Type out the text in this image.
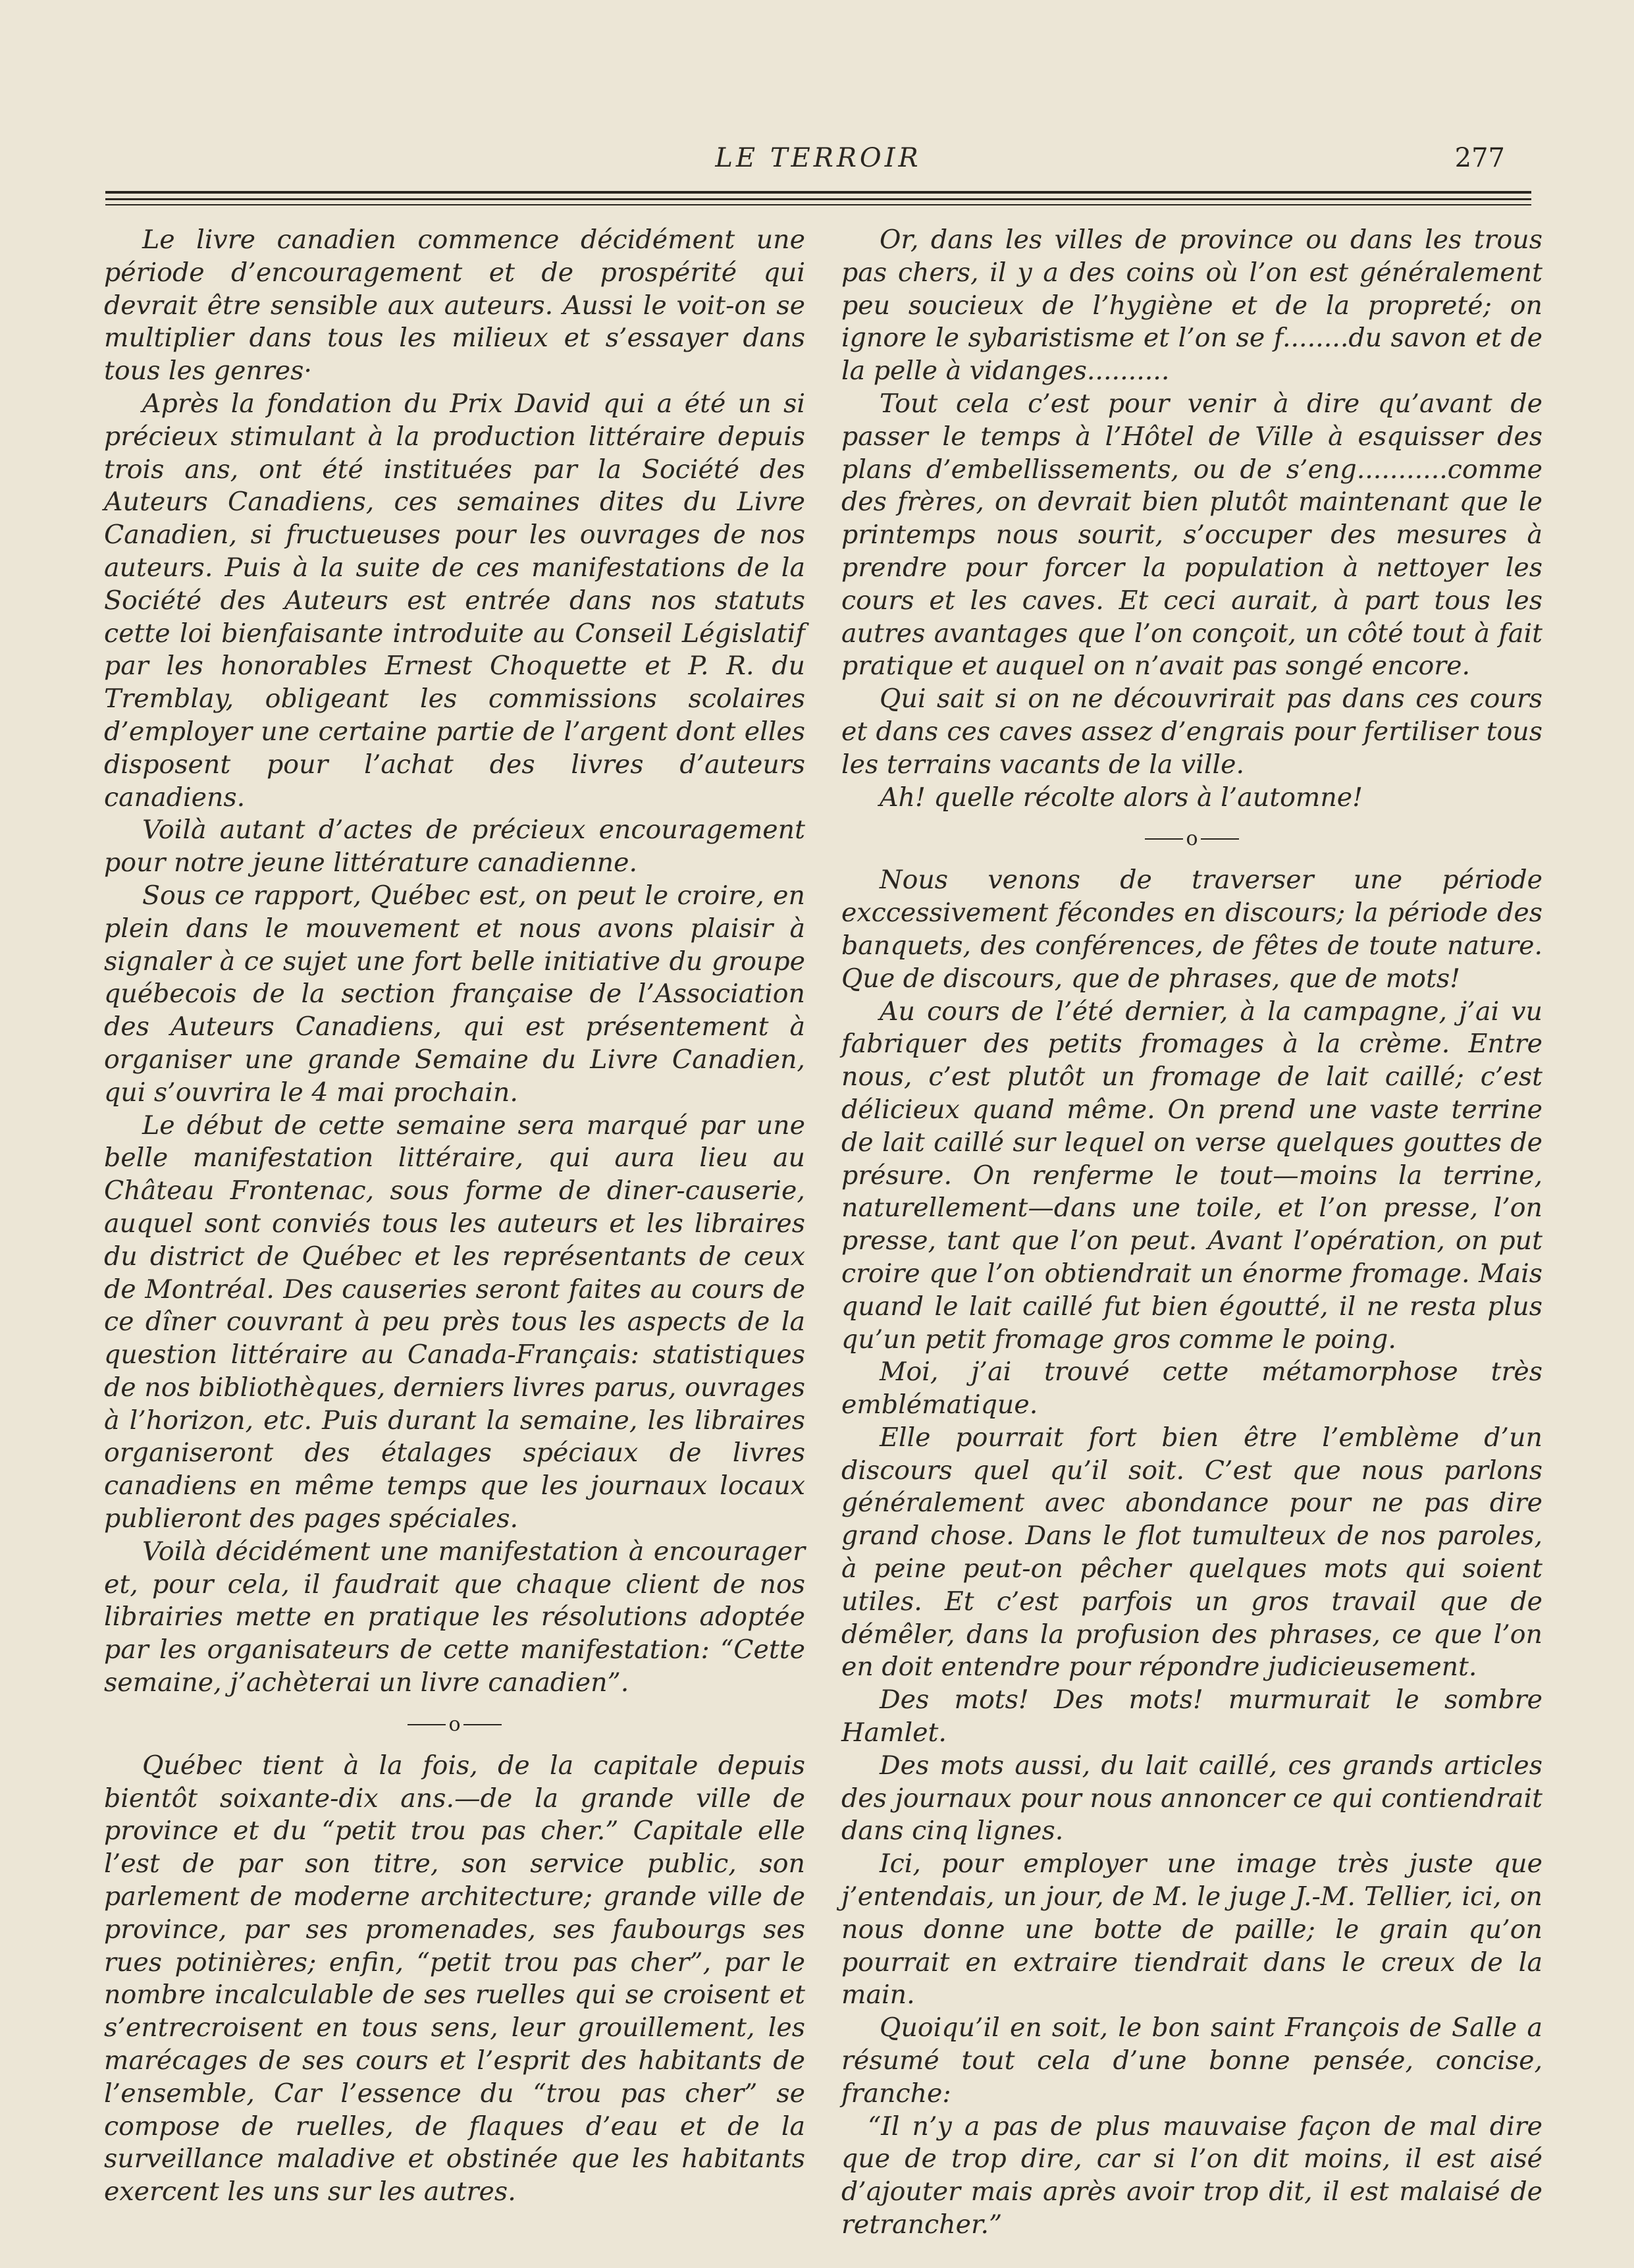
LE TERROIR	277

Le livre canadien commence décidément une période d’encouragement et de prospérité qui devrait être sensible aux auteurs. Aussi le voit-on se multiplier dans tous les milieux et s’essayer dans tous les genres·

Après la fondation du Prix David qui a été un si précieux stimulant à la production littéraire depuis trois ans, ont été instituées par la Société des Auteurs Canadiens, ces semaines dites du Livre Canadien, si fructueuses pour les ouvrages de nos auteurs. Puis à la suite de ces manifestations de la Société des Auteurs est entrée dans nos statuts cette loi bienfaisante introduite au Conseil Législatif par les honorables Ernest Choquette et P. R. du Tremblay, obligeant les commissions scolaires d’employer une certaine partie de l’argent dont elles disposent pour l’achat des livres d’auteurs canadiens.

Voilà autant d’actes de précieux encouragement pour notre jeune littérature canadienne.

Sous ce rapport, Québec est, on peut le croire, en plein dans le mouvement et nous avons plaisir à signaler à ce sujet une fort belle initiative du groupe québecois de la section française de l’Association des Auteurs Canadiens, qui est présentement à organiser une grande Semaine du Livre Canadien, qui s’ouvrira le 4 mai prochain.

Le début de cette semaine sera marqué par une belle manifestation littéraire, qui aura lieu au Château Frontenac, sous forme de diner-causerie, auquel sont conviés tous les auteurs et les libraires du district de Québec et les représentants de ceux de Montréal. Des causeries seront faites au cours de ce dîner couvrant à peu près tous les aspects de la question littéraire au Canada-Français: statistiques de nos bibliothèques, derniers livres parus, ouvrages à l’horizon, etc. Puis durant la semaine, les libraires organiseront des étalages spéciaux de livres canadiens en même temps que les journaux locaux publieront des pages spéciales.

Voilà décidément une manifestation à encourager et, pour cela, il faudrait que chaque client de nos librairies mette en pratique les résolutions adoptée par les organisateurs de cette manifestation: “Cette semaine, j’achèterai un livre canadien”.

o

Québec tient à la fois, de la capitale depuis bientôt soixante-dix ans.—de la grande ville de province et du “petit trou pas cher.” Capitale elle l’est de par son titre, son service public, son parlement de moderne architecture; grande ville de province, par ses promenades, ses faubourgs ses rues potinières; enfin, “petit trou pas cher”, par le nombre incalculable de ses ruelles qui se croisent et s’entrecroisent en tous sens, leur grouillement, les marécages de ses cours et l’esprit des habitants de l’ensemble, Car l’essence du “trou pas cher” se compose de ruelles, de flaques d’eau et de la surveillance maladive et obstinée que les habitants exercent les uns sur les autres.

Or, dans les villes de province ou dans les trous pas chers, il y a des coins où l’on est généralement peu soucieux de l’hygiène et de la propreté; on ignore le sybaristisme et l’on se f........du savon et de la pelle à vidanges..........

Tout cela c’est pour venir à dire qu’avant de passer le temps à l’Hôtel de Ville à esquisser des plans d’embellissements, ou de s’eng...........comme des frères, on devrait bien plutôt maintenant que le printemps nous sourit, s’occuper des mesures à prendre pour forcer la population à nettoyer les cours et les caves. Et ceci aurait, à part tous les autres avantages que l’on conçoit, un côté tout à fait pratique et auquel on n’avait pas songé encore.

Qui sait si on ne découvrirait pas dans ces cours et dans ces caves assez d’engrais pour fertiliser tous les terrains vacants de la ville.

Ah! quelle récolte alors à l’automne!

o

Nous venons de traverser une période exccessivement fécondes en discours; la période des banquets, des conférences, de fêtes de toute nature. Que de discours, que de phrases, que de mots!

Au cours de l’été dernier, à la campagne, j’ai vu fabriquer des petits fromages à la crème. Entre nous, c’est plutôt un fromage de lait caillé; c’est délicieux quand même. On prend une vaste terrine de lait caillé sur lequel on verse quelques gouttes de présure. On renferme le tout—moins la terrine, naturellement—dans une toile, et l’on presse, l’on presse, tant que l’on peut. Avant l’opération, on put croire que l’on obtiendrait un énorme fromage. Mais quand le lait caillé fut bien égoutté, il ne resta plus qu’un petit fromage gros comme le poing.

Moi, j’ai trouvé cette métamorphose très emblématique.

Elle pourrait fort bien être l’emblème d’un discours quel qu’il soit. C’est que nous parlons généralement avec abondance pour ne pas dire grand chose. Dans le flot tumulteux de nos paroles, à peine peut-on pêcher quelques mots qui soient utiles. Et c’est parfois un gros travail que de démêler, dans la profusion des phrases, ce que l’on en doit entendre pour répondre judicieusement.

Des mots! Des mots! murmurait le sombre Hamlet.

Des mots aussi, du lait caillé, ces grands articles des journaux pour nous annoncer ce qui contiendrait dans cinq lignes.

Ici, pour employer une image très juste que j’entendais, un jour, de M. le juge J.-M. Tellier, ici, on nous donne une botte de paille; le grain qu’on pourrait en extraire tiendrait dans le creux de la main.

Quoiqu’il en soit, le bon saint François de Salle a résumé tout cela d’une bonne pensée, concise, franche:

“Il n’y a pas de plus mauvaise façon de mal dire que de trop dire, car si l’on dit moins, il est aisé d’ajouter mais après avoir trop dit, il est malaisé de retrancher.”
